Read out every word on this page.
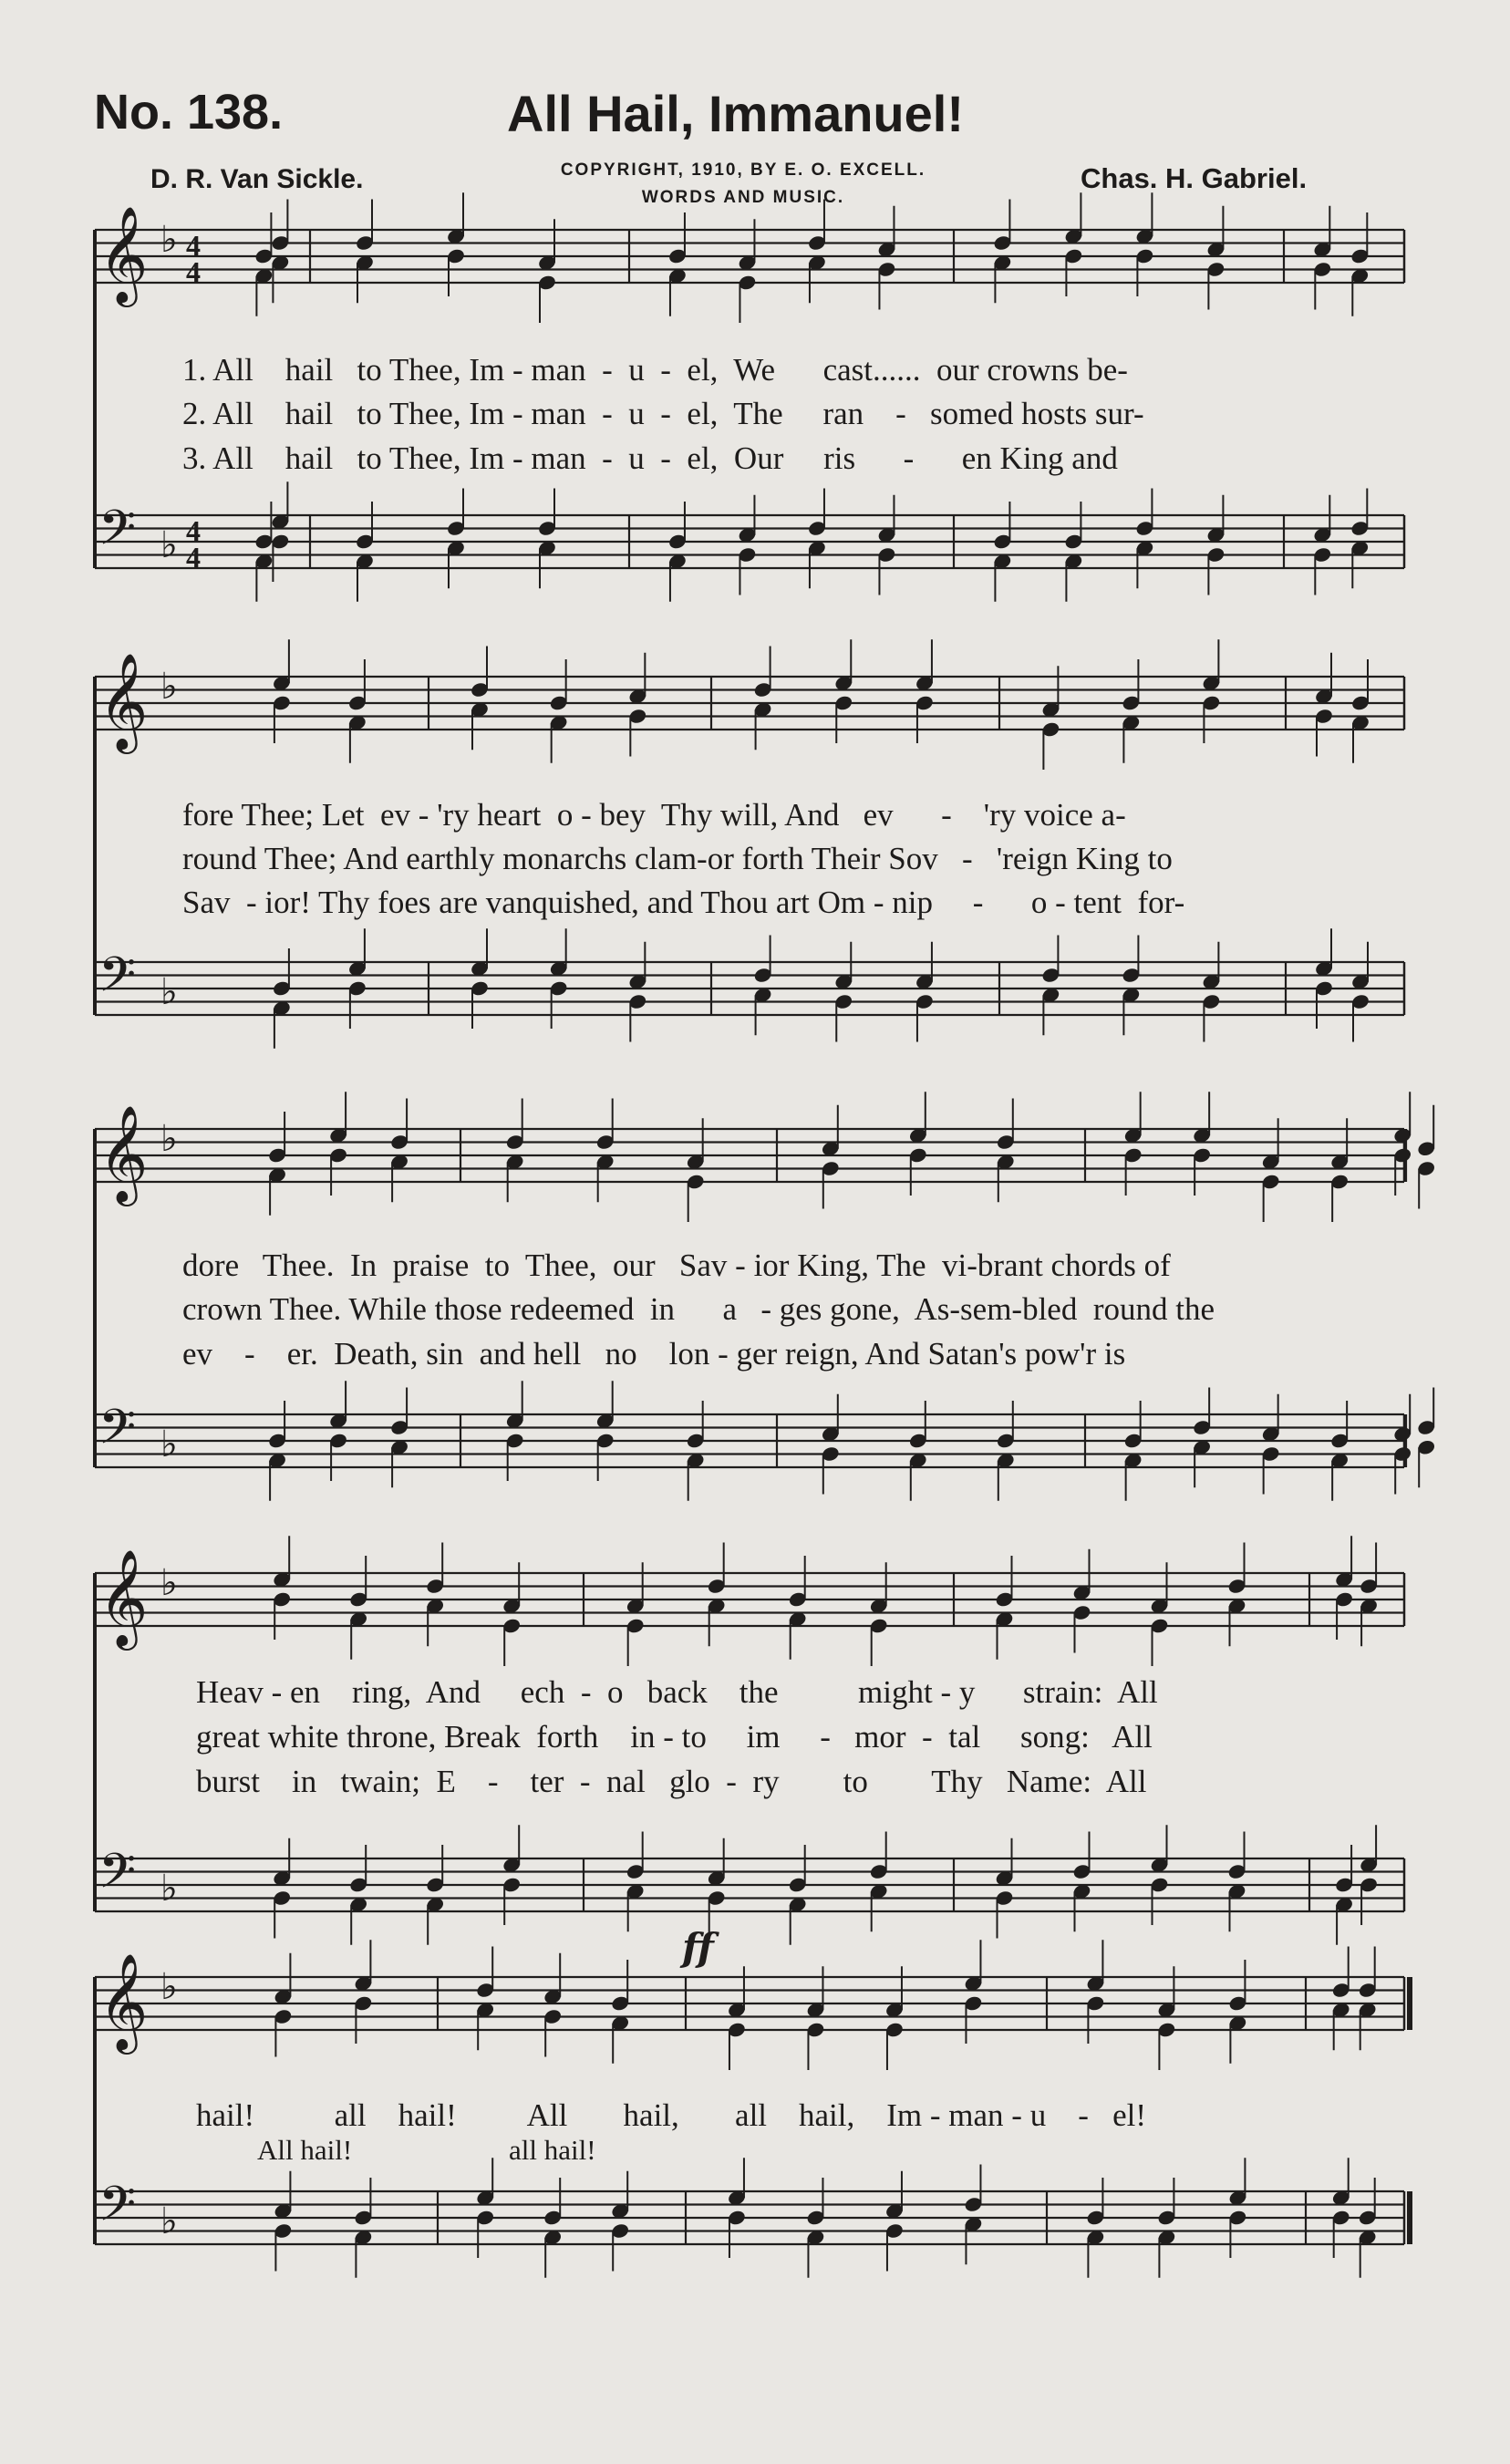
𝄞 ♭ 4
4
𝄢 ♭ 4
4
𝄞 ♭
𝄢 ♭
𝄞 ♭
𝄢 ♭
𝄞 ♭
𝄢 ♭
𝄞 ♭
𝄢 ♭
ff
No. 138.	All Hail, Immanuel!
D. R. Van Sickle.	COPYRIGHT, 1910, BY E. O. EXCELL.
WORDS AND MUSIC.
Chas. H. Gabriel.
1. All    hail   to Thee, Im - man  -  u  -  el,  We      cast......  our crowns be-
2. All    hail   to Thee, Im - man  -  u  -  el,  The     ran    -   somed hosts sur-
3. All    hail   to Thee, Im - man  -  u  -  el,  Our     ris      -      en King and
fore Thee; Let  ev - 'ry heart  o - bey  Thy will, And   ev      -    'ry voice a-
round Thee; And earthly monarchs clam-or forth Their Sov   -   'reign King to
Sav  - ior! Thy foes are vanquished, and Thou art Om - nip     -      o - tent  for-
dore   Thee.  In  praise  to  Thee,  our   Sav - ior King, The  vi-brant chords of
crown Thee. While those redeemed  in      a   - ges gone,  As-sem-bled  round the
ev    -    er.  Death, sin  and hell   no    lon - ger reign, And Satan's pow'r is
Heav - en    ring,  And     ech  -  o   back    the          might - y      strain:  All
great white throne, Break  forth    in - to     im     -   mor  -  tal     song:   All
burst    in   twain;  E    -    ter  -  nal   glo  -  ry        to        Thy   Name:  All
hail!          all    hail!         All       hail,       all    hail,    Im - man - u    -   el!
All hail!	all hail!
